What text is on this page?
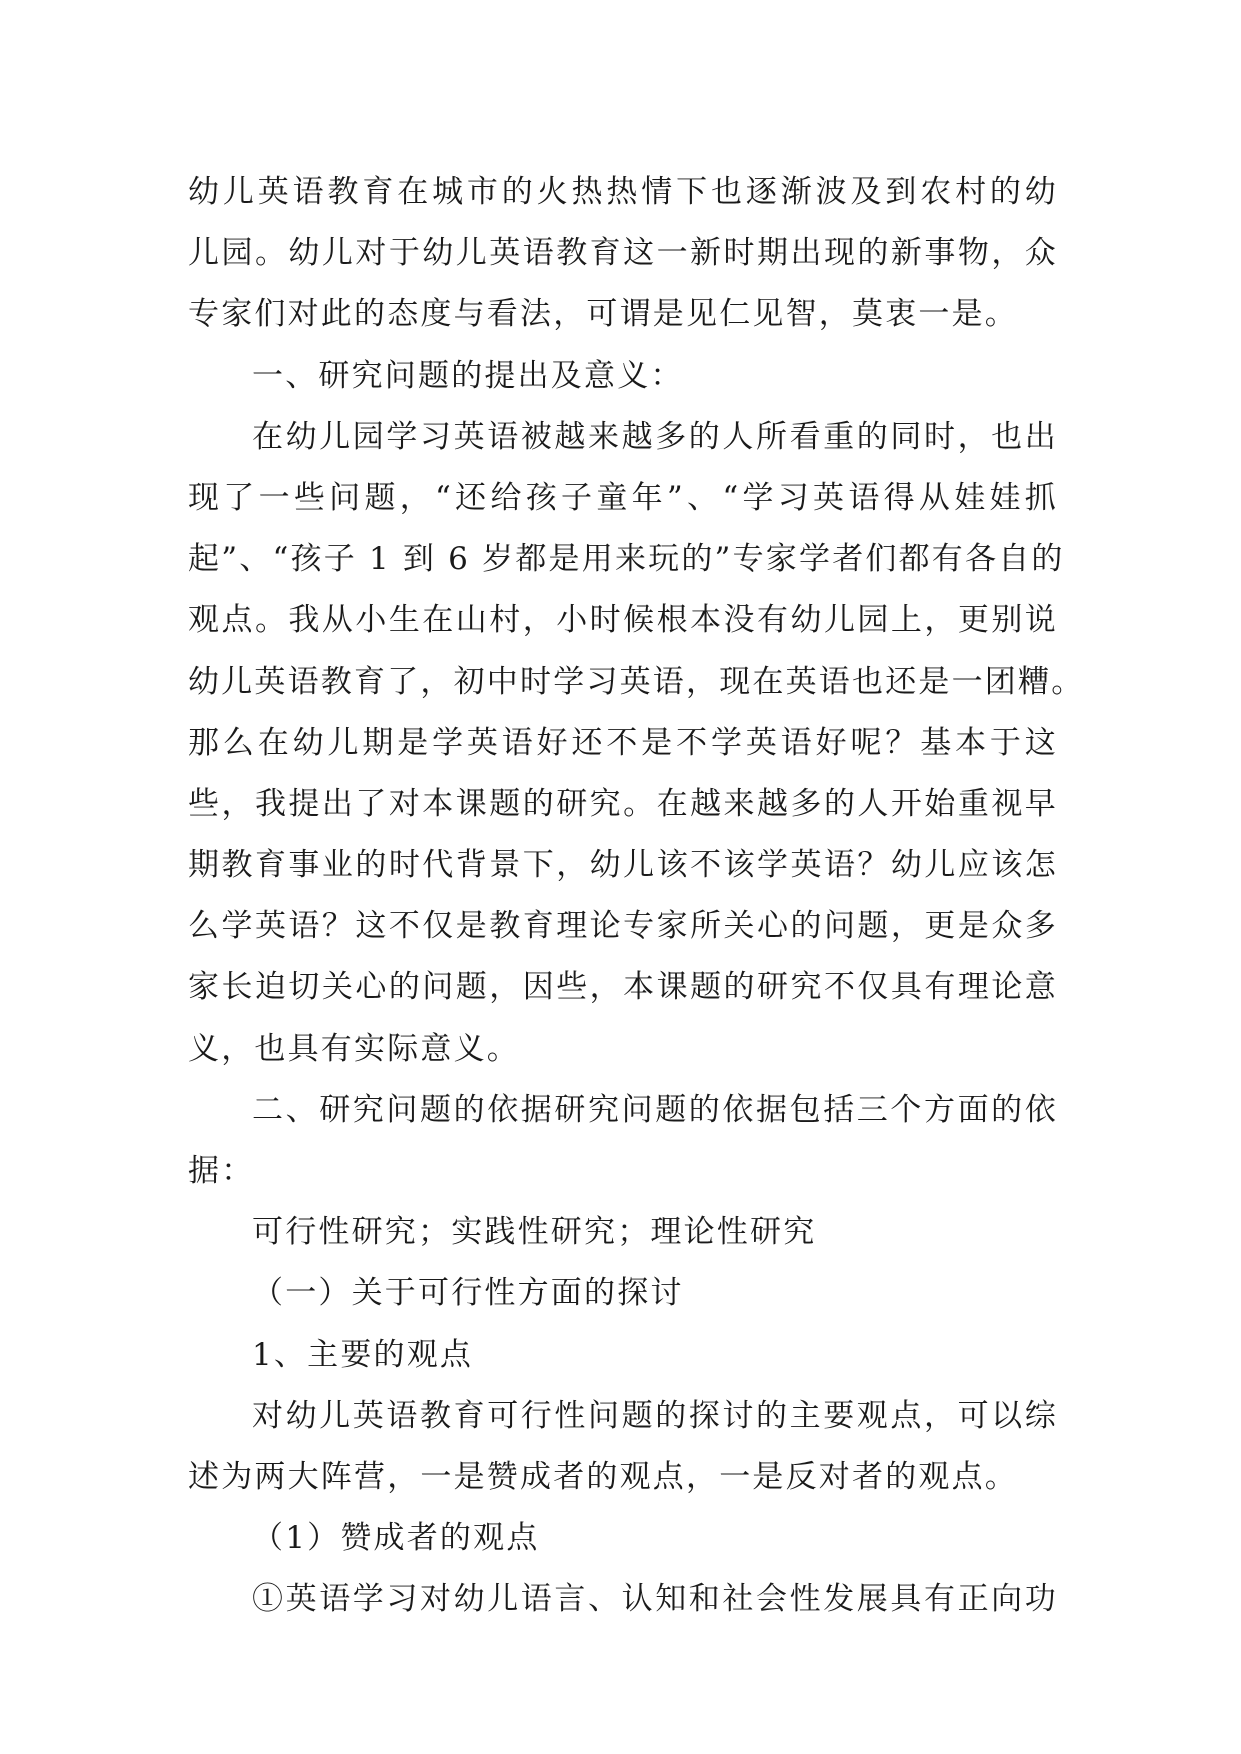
幼儿英语教育在城市的火热热情下也逐渐波及到农村的幼
儿园。幼儿对于幼儿英语教育这一新时期出现的新事物，众
专家们对此的态度与看法，可谓是见仁见智，莫衷一是。
一、研究问题的提出及意义：
在幼儿园学习英语被越来越多的人所看重的同时，也出
现了一些问题，“还给孩子童年”、“学习英语得从娃娃抓
起”、“孩子 1 到 6 岁都是用来玩的”专家学者们都有各自的
观点。我从小生在山村，小时候根本没有幼儿园上，更别说
幼儿英语教育了，初中时学习英语，现在英语也还是一团糟。
那么在幼儿期是学英语好还不是不学英语好呢？基本于这
些，我提出了对本课题的研究。在越来越多的人开始重视早
期教育事业的时代背景下，幼儿该不该学英语？幼儿应该怎
么学英语？这不仅是教育理论专家所关心的问题，更是众多
家长迫切关心的问题，因些，本课题的研究不仅具有理论意
义，也具有实际意义。
二、研究问题的依据研究问题的依据包括三个方面的依
据：
可行性研究；实践性研究；理论性研究
（一）关于可行性方面的探讨
1、主要的观点
对幼儿英语教育可行性问题的探讨的主要观点，可以综
述为两大阵营，一是赞成者的观点，一是反对者的观点。
（1）赞成者的观点
①英语学习对幼儿语言、认知和社会性发展具有正向功
